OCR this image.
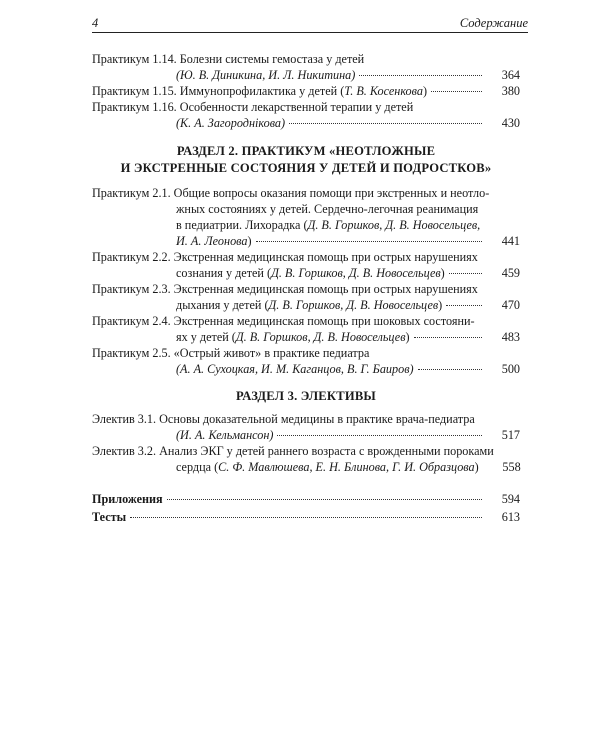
4	Содержание
Практикум 1.14. Болезни системы гемостаза у детей
(Ю. В. Диникина, И. Л. Никитина)	364
Практикум 1.15. Иммунопрофилактика у детей (Т. В. Косенкова)	380
Практикум 1.16. Особенности лекарственной терапии у детей
(К. А. Загороднікова)	430
РАЗДЕЛ 2. ПРАКТИКУМ «НЕОТЛОЖНЫЕ
И ЭКСТРЕННЫЕ СОСТОЯНИЯ У ДЕТЕЙ И ПОДРОСТКОВ»
Практикум 2.1. Общие вопросы оказания помощи при экстренных и неотло-
жных состояниях у детей. Сердечно-легочная реанимация
в педиатрии. Лихорадка (Д. В. Горшков, Д. В. Новосельцев,
И. А. Леонова)	441
Практикум 2.2. Экстренная медицинская помощь при острых нарушениях
сознания у детей (Д. В. Горшков, Д. В. Новосельцев)	459
Практикум 2.3. Экстренная медицинская помощь при острых нарушениях
дыхания у детей (Д. В. Горшков, Д. В. Новосельцев)	470
Практикум 2.4. Экстренная медицинская помощь при шоковых состояни-
ях у детей (Д. В. Горшков, Д. В. Новосельцев)	483
Практикум 2.5. «Острый живот» в практике педиатра
(А. А. Сухоцкая, И. М. Каганцов, В. Г. Баиров)	500
РАЗДЕЛ 3. ЭЛЕКТИВЫ
Электив 3.1. Основы доказательной медицины в практике врача-педиатра
(И. А. Кельмансон)	517
Электив 3.2. Анализ ЭКГ у детей раннего возраста с врожденными пороками
сердца (С. Ф. Мавлюшева, Е. Н. Блинова, Г. И. Образцова)	558
Приложения	594
Тесты	613
